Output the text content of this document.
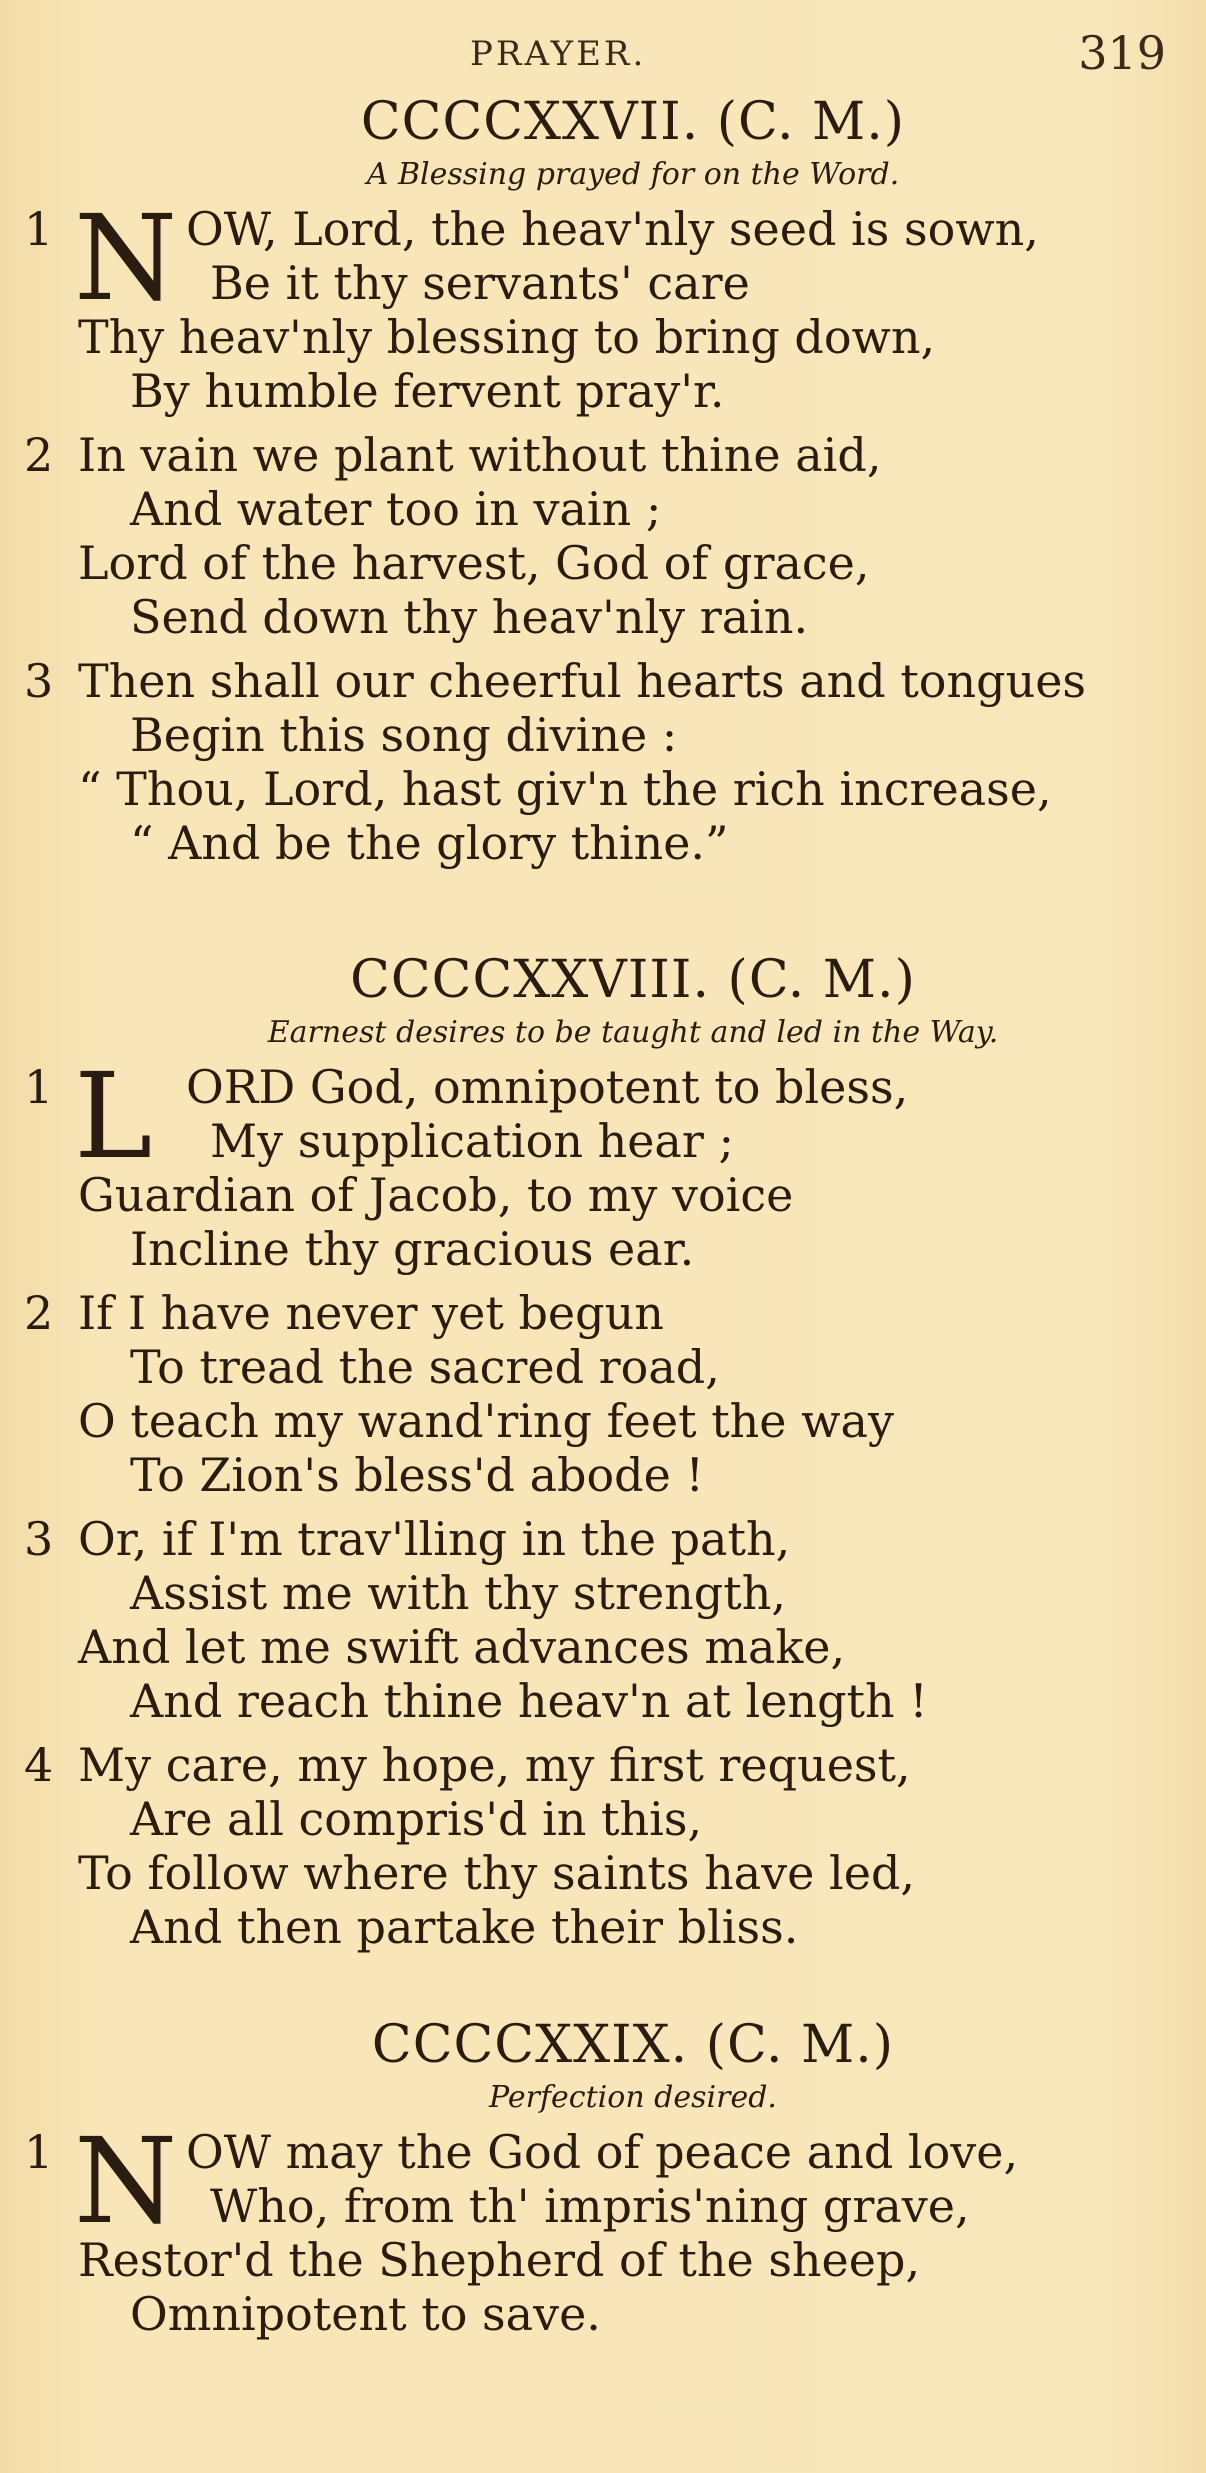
PRAYER.	319
CCCCXXVII. (C. M.)
A Blessing prayed for on the Word.
1 N OW, Lord, the heav'nly seed is sown,
Be it thy servants' care
Thy heav'nly blessing to bring down,
By humble fervent pray'r.
2 In vain we plant without thine aid,
And water too in vain ;
Lord of the harvest, God of grace,
Send down thy heav'nly rain.
3 Then shall our cheerful hearts and tongues
Begin this song divine :
“ Thou, Lord, hast giv'n the rich increase,
“ And be the glory thine.”
CCCCXXVIII. (C. M.)
Earnest desires to be taught and led in the Way.
1 L ORD God, omnipotent to bless,
My supplication hear ;
Guardian of Jacob, to my voice
Incline thy gracious ear.
2 If I have never yet begun
To tread the sacred road,
O teach my wand'ring feet the way
To Zion's bless'd abode !
3 Or, if I'm trav'lling in the path,
Assist me with thy strength,
And let me swift advances make,
And reach thine heav'n at length !
4 My care, my hope, my first request,
Are all compris'd in this,
To follow where thy saints have led,
And then partake their bliss.
CCCCXXIX. (C. M.)
Perfection desired.
1 N OW may the God of peace and love,
Who, from th' impris'ning grave,
Restor'd the Shepherd of the sheep,
Omnipotent to save.
